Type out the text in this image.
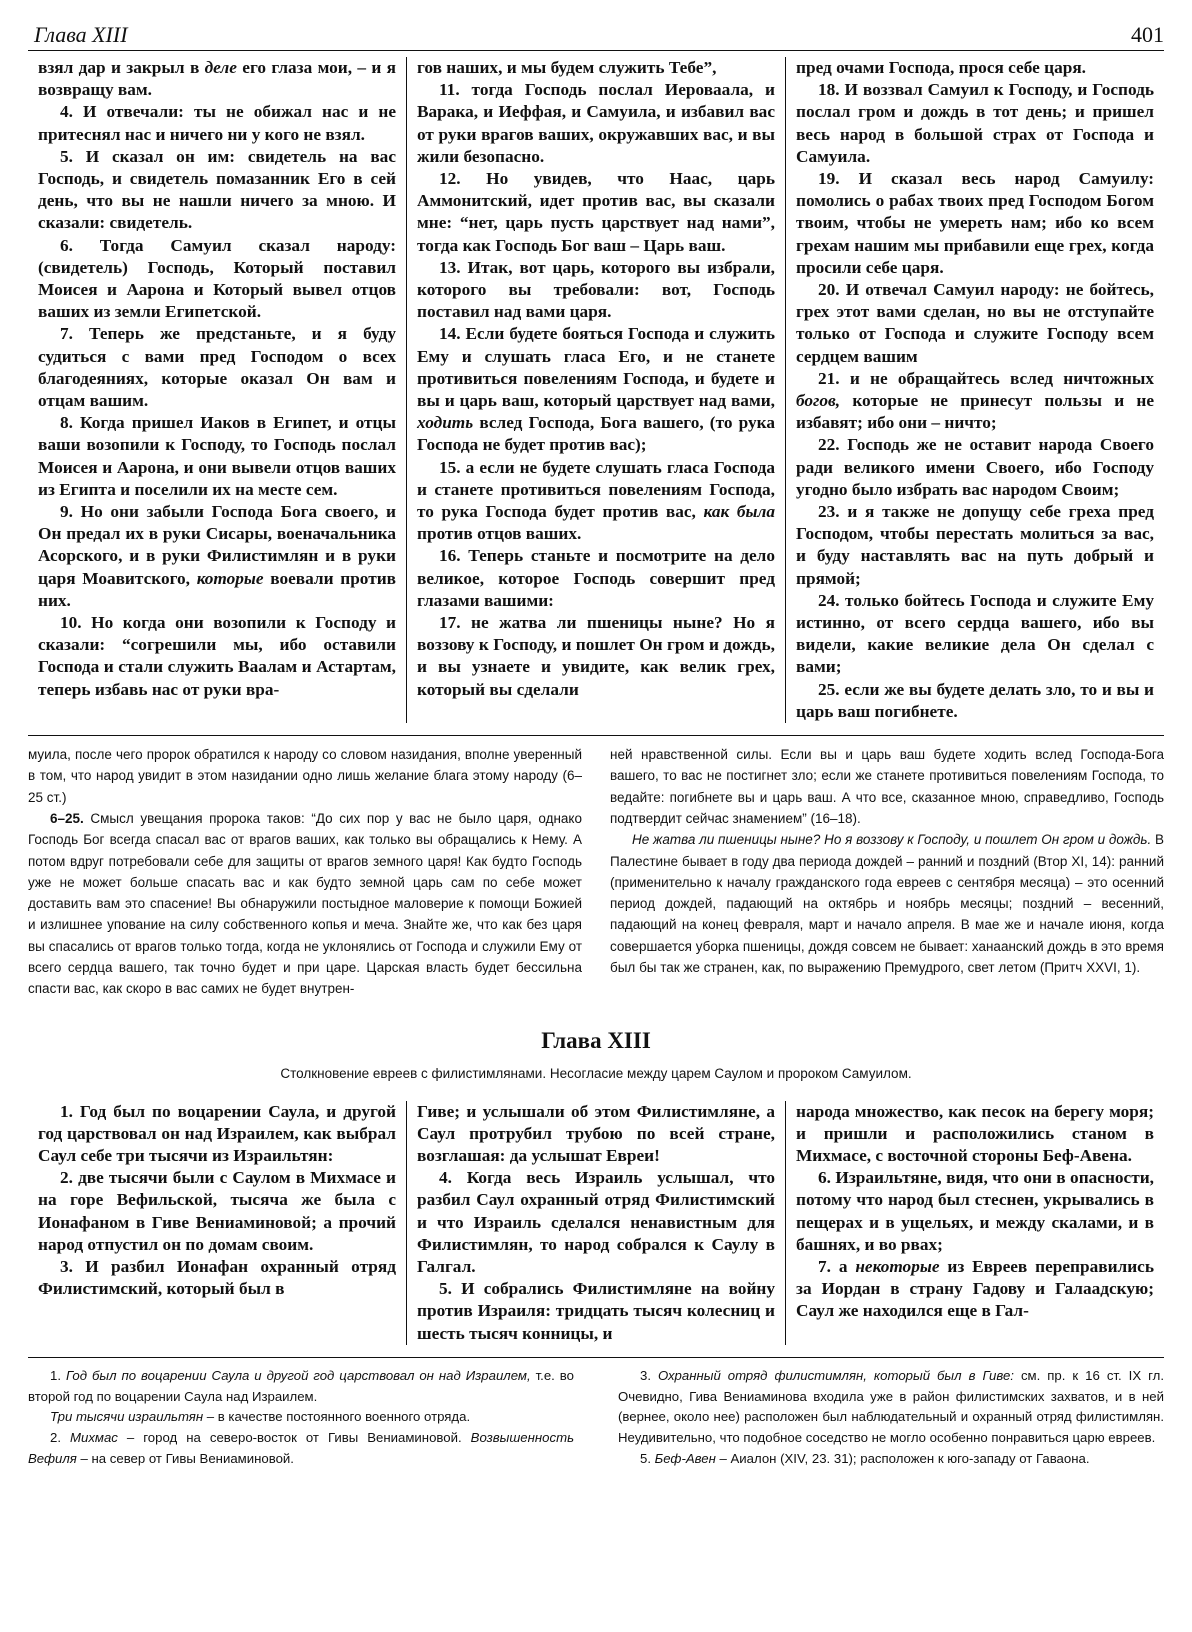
Глава XIII	401

взял дар и закрыл в деле его глаза мои, – и я возвращу вам.

4. И отвечали: ты не обижал нас и не притеснял нас и ничего ни у кого не взял.

5. И сказал он им: свидетель на вас Господь, и свидетель помазанник Его в сей день, что вы не нашли ничего за мною. И сказали: свидетель.

6. Тогда Самуил сказал народу: (свидетель) Господь, Который поставил Моисея и Аарона и Который вывел отцов ваших из земли Египетской.

7. Теперь же предстаньте, и я буду судиться с вами пред Господом о всех благодеяниях, которые оказал Он вам и отцам вашим.

8. Когда пришел Иаков в Египет, и отцы ваши возопили к Господу, то Господь послал Моисея и Аарона, и они вывели отцов ваших из Египта и поселили их на месте сем.

9. Но они забыли Господа Бога своего, и Он предал их в руки Сисары, военачальника Асорского, и в руки Филистимлян и в руки царя Моавитского, которые воевали против них.

10. Но когда они возопили к Господу и сказали: “согрешили мы, ибо оставили Господа и стали служить Ваалам и Астартам, теперь избавь нас от руки вра-

гов наших, и мы будем служить Тебе”,

11. тогда Господь послал Иероваала, и Варака, и Иеффая, и Самуила, и избавил вас от руки врагов ваших, окружавших вас, и вы жили безопасно.

12. Но увидев, что Наас, царь Аммонитский, идет против вас, вы сказали мне: “нет, царь пусть царствует над нами”, тогда как Господь Бог ваш – Царь ваш.

13. Итак, вот царь, которого вы избрали, которого вы требовали: вот, Господь поставил над вами царя.

14. Если будете бояться Господа и служить Ему и слушать гласа Его, и не станете противиться повелениям Господа, и будете и вы и царь ваш, который царствует над вами, ходить вслед Господа, Бога вашего, (то рука Господа не будет против вас);

15. а если не будете слушать гласа Господа и станете противиться повелениям Господа, то рука Господа будет против вас, как была против отцов ваших.

16. Теперь станьте и посмотрите на дело великое, которое Господь совершит пред глазами вашими:

17. не жатва ли пшеницы ныне? Но я воззову к Господу, и пошлет Он гром и дождь, и вы узнаете и увидите, как велик грех, который вы сделали

пред очами Господа, прося себе царя.

18. И воззвал Самуил к Господу, и Господь послал гром и дождь в тот день; и пришел весь народ в большой страх от Господа и Самуила.

19. И сказал весь народ Самуилу: помолись о рабах твоих пред Господом Богом твоим, чтобы не умереть нам; ибо ко всем грехам нашим мы прибавили еще грех, когда просили себе царя.

20. И отвечал Самуил народу: не бойтесь, грех этот вами сделан, но вы не отступайте только от Господа и служите Господу всем сердцем вашим

21. и не обращайтесь вслед ничтожных богов, которые не принесут пользы и не избавят; ибо они – ничто;

22. Господь же не оставит народа Своего ради великого имени Своего, ибо Господу угодно было избрать вас народом Своим;

23. и я также не допущу себе греха пред Господом, чтобы перестать молиться за вас, и буду наставлять вас на путь добрый и прямой;

24. только бойтесь Господа и служите Ему истинно, от всего сердца вашего, ибо вы видели, какие великие дела Он сделал с вами;

25. если же вы будете делать зло, то и вы и царь ваш погибнете.

муила, после чего пророк обратился к народу со словом назидания, вполне уверенный в том, что народ увидит в этом назидании одно лишь желание блага этому народу (6–25 ст.)

6–25. Смысл увещания пророка таков: “До сих пор у вас не было царя, однако Господь Бог всегда спасал вас от врагов ваших, как только вы обращались к Нему. А потом вдруг потребовали себе для защиты от врагов земного царя! Как будто Господь уже не может больше спасать вас и как будто земной царь сам по себе может доставить вам это спасение! Вы обнаружили постыдное маловерие к помощи Божией и излишнее упование на силу собственного копья и меча. Знайте же, что как без царя вы спасались от врагов только тогда, когда не уклонялись от Господа и служили Ему от всего сердца вашего, так точно будет и при царе. Царская власть будет бессильна спасти вас, как скоро в вас самих не будет внутрен-

ней нравственной силы. Если вы и царь ваш будете ходить вслед Господа-Бога вашего, то вас не постигнет зло; если же станете противиться повелениям Господа, то ведайте: погибнете вы и царь ваш. А что все, сказанное мною, справедливо, Господь подтвердит сейчас знамением” (16–18).

Не жатва ли пшеницы ныне? Но я воззову к Господу, и пошлет Он гром и дождь. В Палестине бывает в году два периода дождей – ранний и поздний (Втор XI, 14): ранний (применительно к началу гражданского года евреев с сентября месяца) – это осенний период дождей, падающий на октябрь и ноябрь месяцы; поздний – весенний, падающий на конец февраля, март и начало апреля. В мае же и начале июня, когда совершается уборка пшеницы, дождя совсем не бывает: ханаанский дождь в это время был бы так же странен, как, по выражению Премудрого, свет летом (Притч XXVI, 1).

Глава XIII
Столкновение евреев с филистимлянами. Несогласие между царем Саулом и пророком Самуилом.

1. Год был по воцарении Саула, и другой год царствовал он над Израилем, как выбрал Саул себе три тысячи из Израильтян:

2. две тысячи были с Саулом в Михмасе и на горе Вефильской, тысяча же была с Ионафаном в Гиве Вениаминовой; а прочий народ отпустил он по домам своим.

3. И разбил Ионафан охранный отряд Филистимский, который был в

Гиве; и услышали об этом Филистимляне, а Саул протрубил трубою по всей стране, возглашая: да услышат Евреи!

4. Когда весь Израиль услышал, что разбил Саул охранный отряд Филистимский и что Израиль сделался ненавистным для Филистимлян, то народ собрался к Саулу в Галгал.

5. И собрались Филистимляне на войну против Израиля: тридцать тысяч колесниц и шесть тысяч конницы, и

народа множество, как песок на берегу моря; и пришли и расположились станом в Михмасе, с восточной стороны Беф-Авена.

6. Израильтяне, видя, что они в опасности, потому что народ был стеснен, укрывались в пещерах и в ущельях, и между скалами, и в башнях, и во рвах;

7. а некоторые из Евреев переправились за Иордан в страну Гадову и Галаадскую; Саул же находился еще в Гал-

1. Год был по воцарении Саула и другой год царствовал он над Израилем, т.е. во второй год по воцарении Саула над Израилем.

Три тысячи израильтян – в качестве постоянного военного отряда.

2. Михмас – город на северо-восток от Гивы Вениаминовой. Возвышенность Вефиля – на север от Гивы Вениаминовой.

3. Охранный отряд филистимлян, который был в Гиве: см. пр. к 16 ст. IX гл. Очевидно, Гива Вениаминова входила уже в район филистимских захватов, и в ней (вернее, около нее) расположен был наблюдательный и охранный отряд филистимлян. Неудивительно, что подобное соседство не могло особенно понравиться царю евреев.

5. Беф-Авен – Аиалон (XIV, 23. 31); расположен к юго-западу от Гаваона.
